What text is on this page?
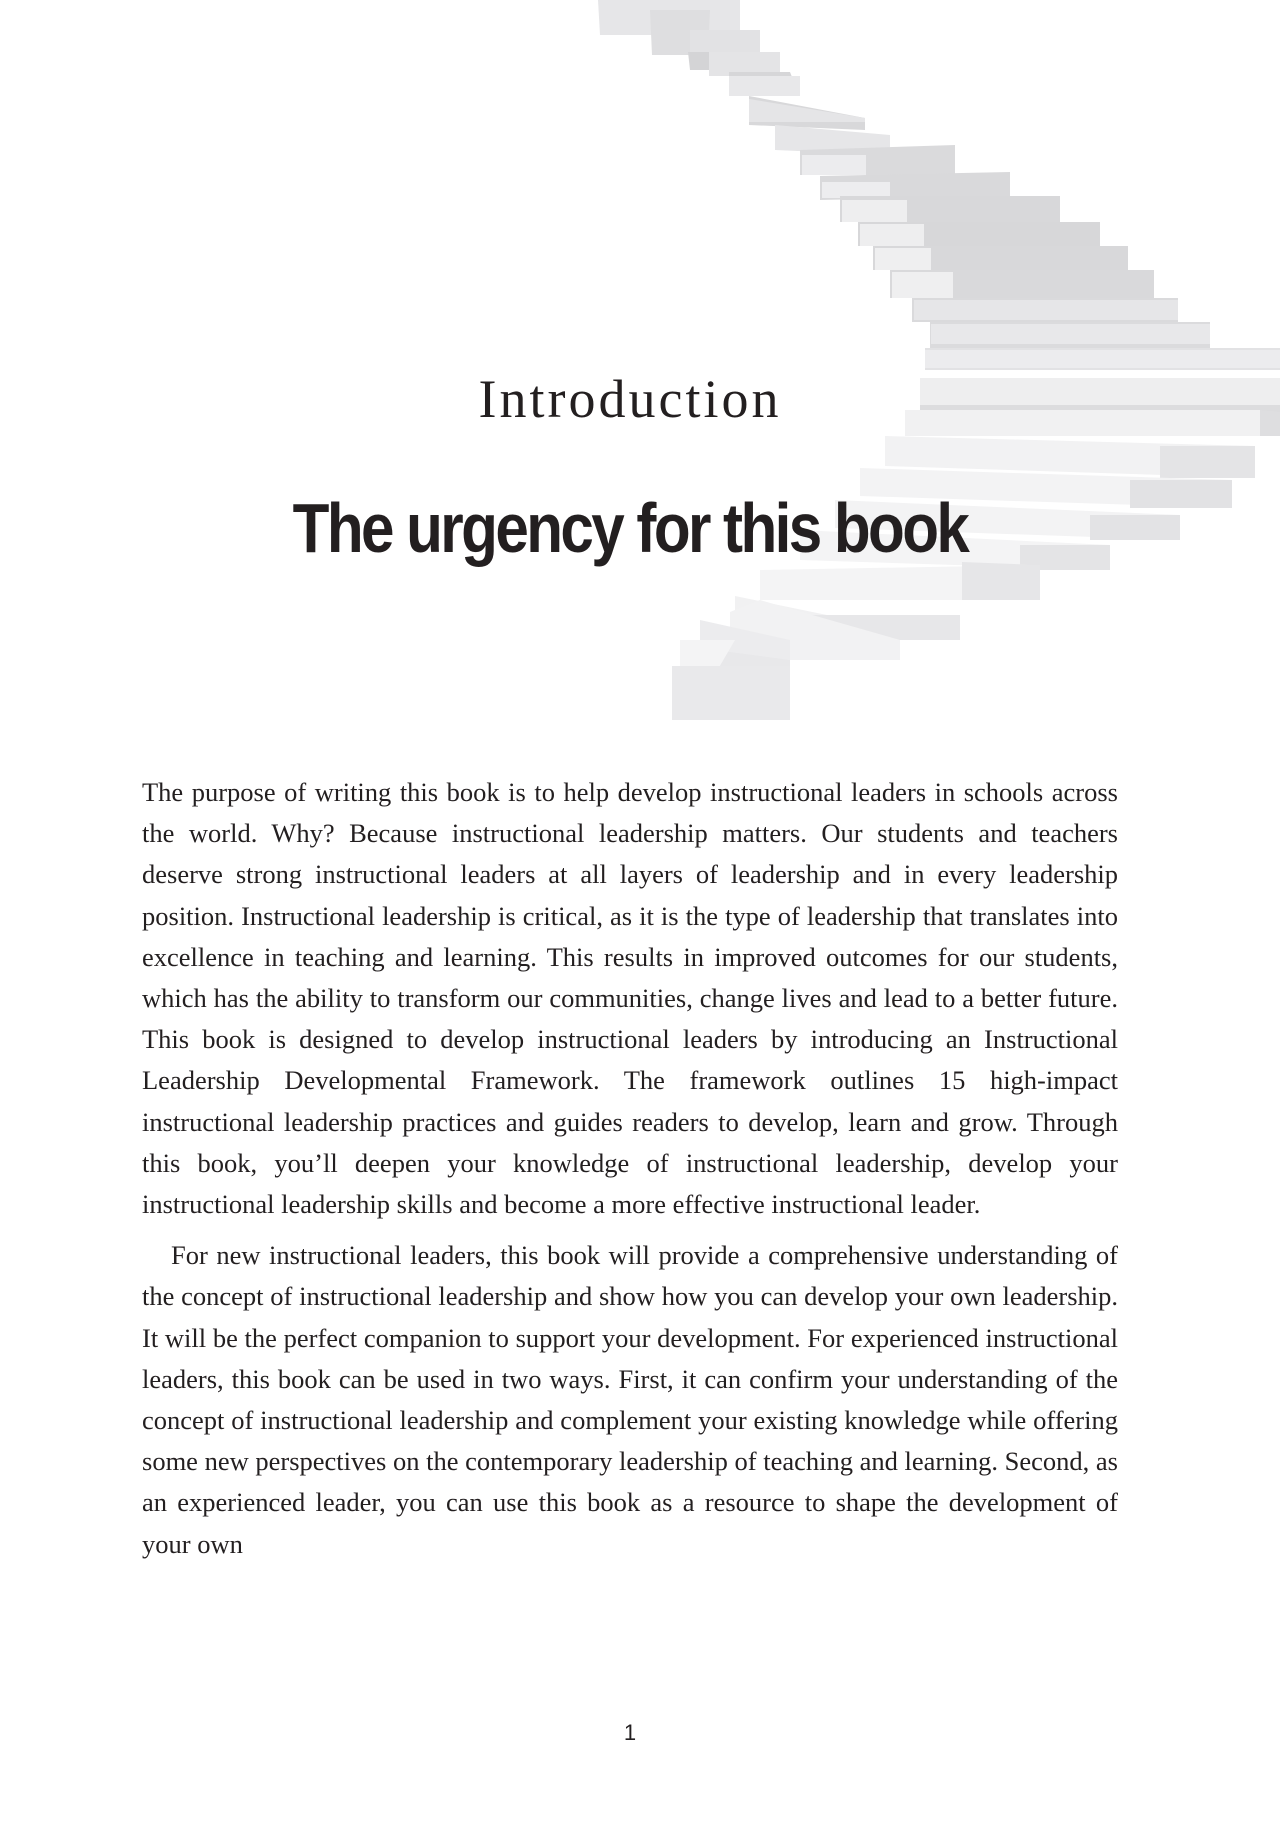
Introduction
The urgency for this book

The purpose of writing this book is to help develop instructional leaders in schools across the world. Why? Because instructional leadership matters. Our students and teachers deserve strong instructional leaders at all layers of leadership and in every leadership position. Instructional leadership is critical, as it is the type of leadership that translates into excellence in teaching and learning. This results in improved outcomes for our students, which has the ability to transform our communities, change lives and lead to a better future. This book is designed to develop instructional leaders by introducing an Instructional Leadership Developmental Framework. The framework outlines 15 high-impact instructional leadership practices and guides readers to develop, learn and grow. Through this book, you’ll deepen your knowledge of instructional leadership, develop your instructional leadership skills and become a more effective instructional leader.

For new instructional leaders, this book will provide a comprehensive understanding of the concept of instructional leadership and show how you can develop your own leadership. It will be the perfect companion to support your development. For experienced instructional leaders, this book can be used in two ways. First, it can confirm your understanding of the concept of instructional leadership and complement your existing knowledge while offering some new perspectives on the contemporary leadership of teaching and learning. Second, as an experienced leader, you can use this book as a resource to shape the development of your own

1
